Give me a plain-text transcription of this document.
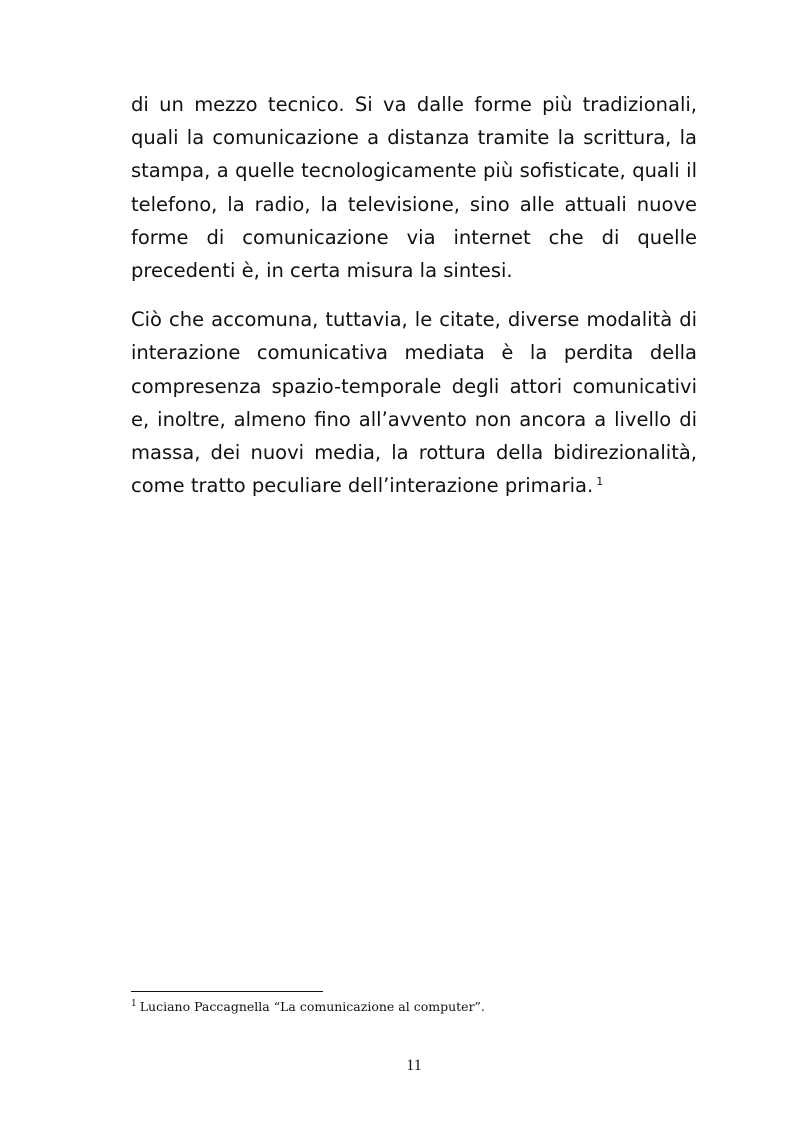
di un mezzo tecnico. Si va dalle forme più tradizionali, quali la comunicazione a distanza tramite la scrittura, la stampa, a quelle tecnologicamente più sofisticate, quali il telefono, la radio, la televisione, sino alle attuali nuove forme di comunicazione via internet che di quelle precedenti è, in certa misura la sintesi.

Ciò che accomuna, tuttavia, le citate, diverse modalità di interazione comunicativa mediata è la perdita della compresenza spazio-temporale degli attori comunicativi e, inoltre, almeno fino all’avvento non ancora a livello di massa, dei nuovi media, la rottura della bidirezionalità, come tratto peculiare dell’interazione primaria. $^1$

$^1$ Luciano Paccagnella “La comunicazione al computer”.
11
